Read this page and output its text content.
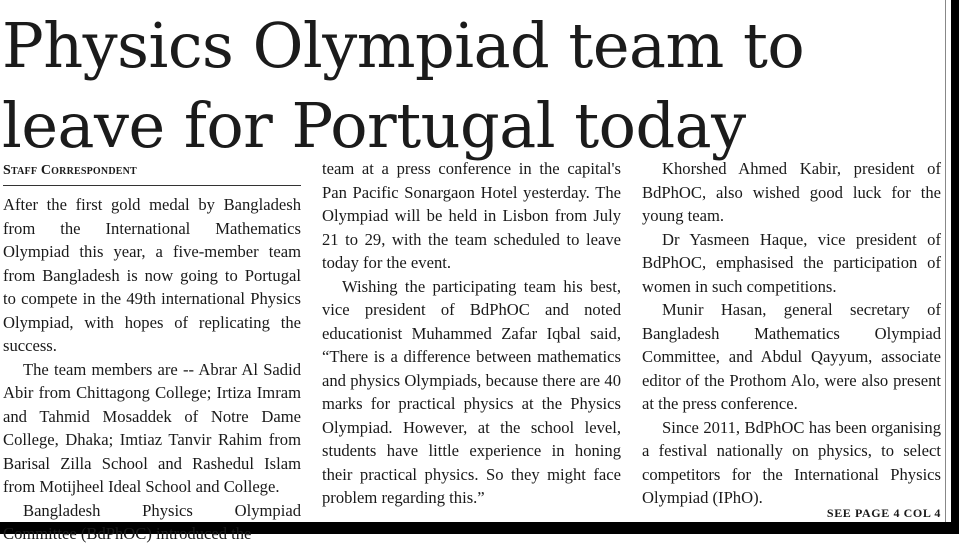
Physics Olympiad team to
leave for Portugal today
Staff Correspondent

After the first gold medal by Bangladesh from the International Mathematics Olympiad this year, a five-member team from Bangladesh is now going to Portugal to compete in the 49th international Physics Olympiad, with hopes of replicating the success.

The team members are -- Abrar Al Sadid Abir from Chittagong College; Irtiza Imram and Tahmid Mosaddek of Notre Dame College, Dhaka; Imtiaz Tanvir Rahim from Barisal Zilla School and Rashedul Islam from Motijheel Ideal School and College.

Bangladesh Physics Olympiad Committee (BdPhOC) introduced the

team at a press conference in the capital's Pan Pacific Sonargaon Hotel yesterday. The Olympiad will be held in Lisbon from July 21 to 29, with the team scheduled to leave today for the event.

Wishing the participating team his best, vice president of BdPhOC and noted educationist Muhammed Zafar Iqbal said, “There is a difference between mathematics and physics Olympiads, because there are 40 marks for practical physics at the Physics Olympiad. However, at the school level, students have little experience in honing their practical physics. So they might face problem regarding this.”

Khorshed Ahmed Kabir, president of BdPhOC, also wished good luck for the young team.

Dr Yasmeen Haque, vice president of BdPhOC, emphasised the participation of women in such competitions.

Munir Hasan, general secretary of Bangladesh Mathematics Olympiad Committee, and Abdul Qayyum, associate editor of the Prothom Alo, were also present at the press conference.

Since 2011, BdPhOC has been organising a festival nationally on physics, to select competitors for the International Physics Olympiad (IPhO).

SEE PAGE 4 COL 4
